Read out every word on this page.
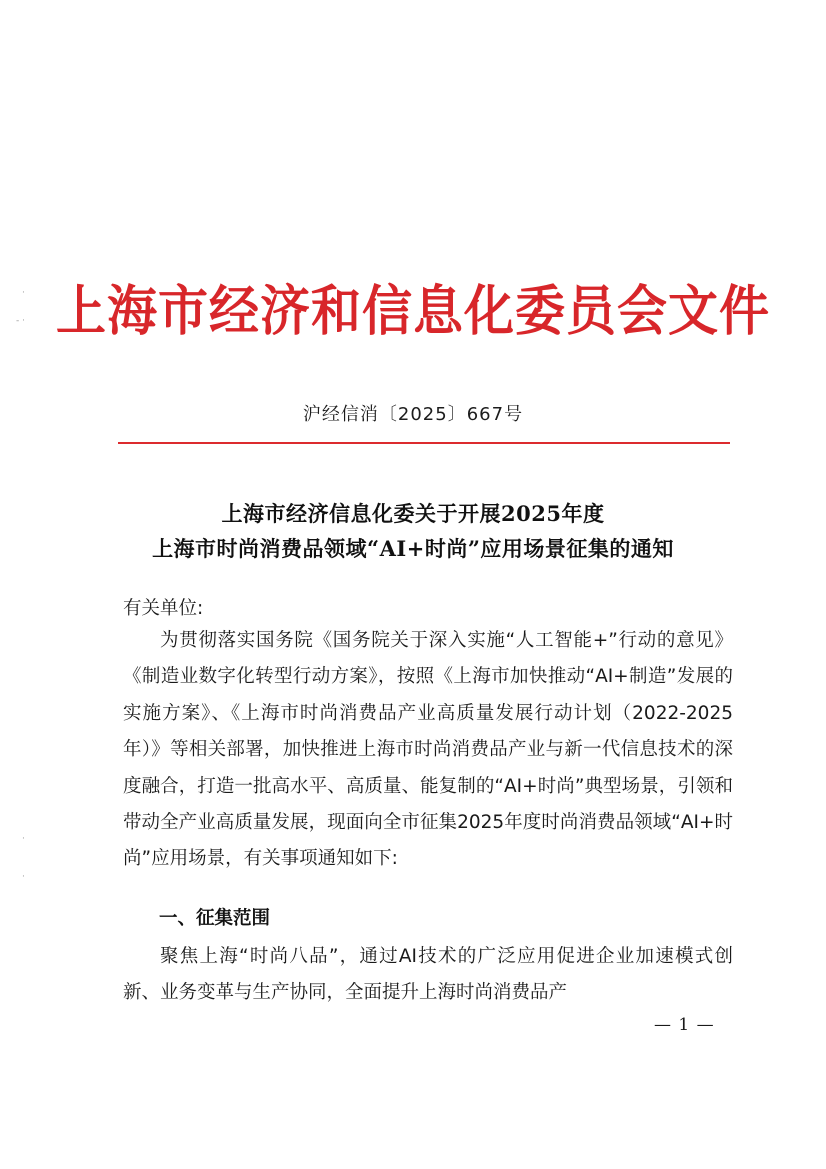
·
- ·
·
·
上海市经济和信息化委员会文件
沪经信消〔2025〕667号
上海市经济信息化委关于开展2025年度
上海市时尚消费品领域“AI+时尚”应用场景征集的通知
有关单位:

为贯彻落实国务院《国务院关于深入实施“人工智能+”行动的意见》《制造业数字化转型行动方案》，按照《上海市加快推动“AI+制造”发展的实施方案》、《上海市时尚消费品产业高质量发展行动计划（2022-2025年）》等相关部署，加快推进上海市时尚消费品产业与新一代信息技术的深度融合，打造一批高水平、高质量、能复制的“AI+时尚”典型场景，引领和带动全产业高质量发展，现面向全市征集2025年度时尚消费品领域“AI+时尚”应用场景，有关事项通知如下:

一、征集范围

聚焦上海“时尚八品”，通过AI技术的广泛应用促进企业加速模式创新、业务变革与生产协同，全面提升上海时尚消费品产

— 1 —
